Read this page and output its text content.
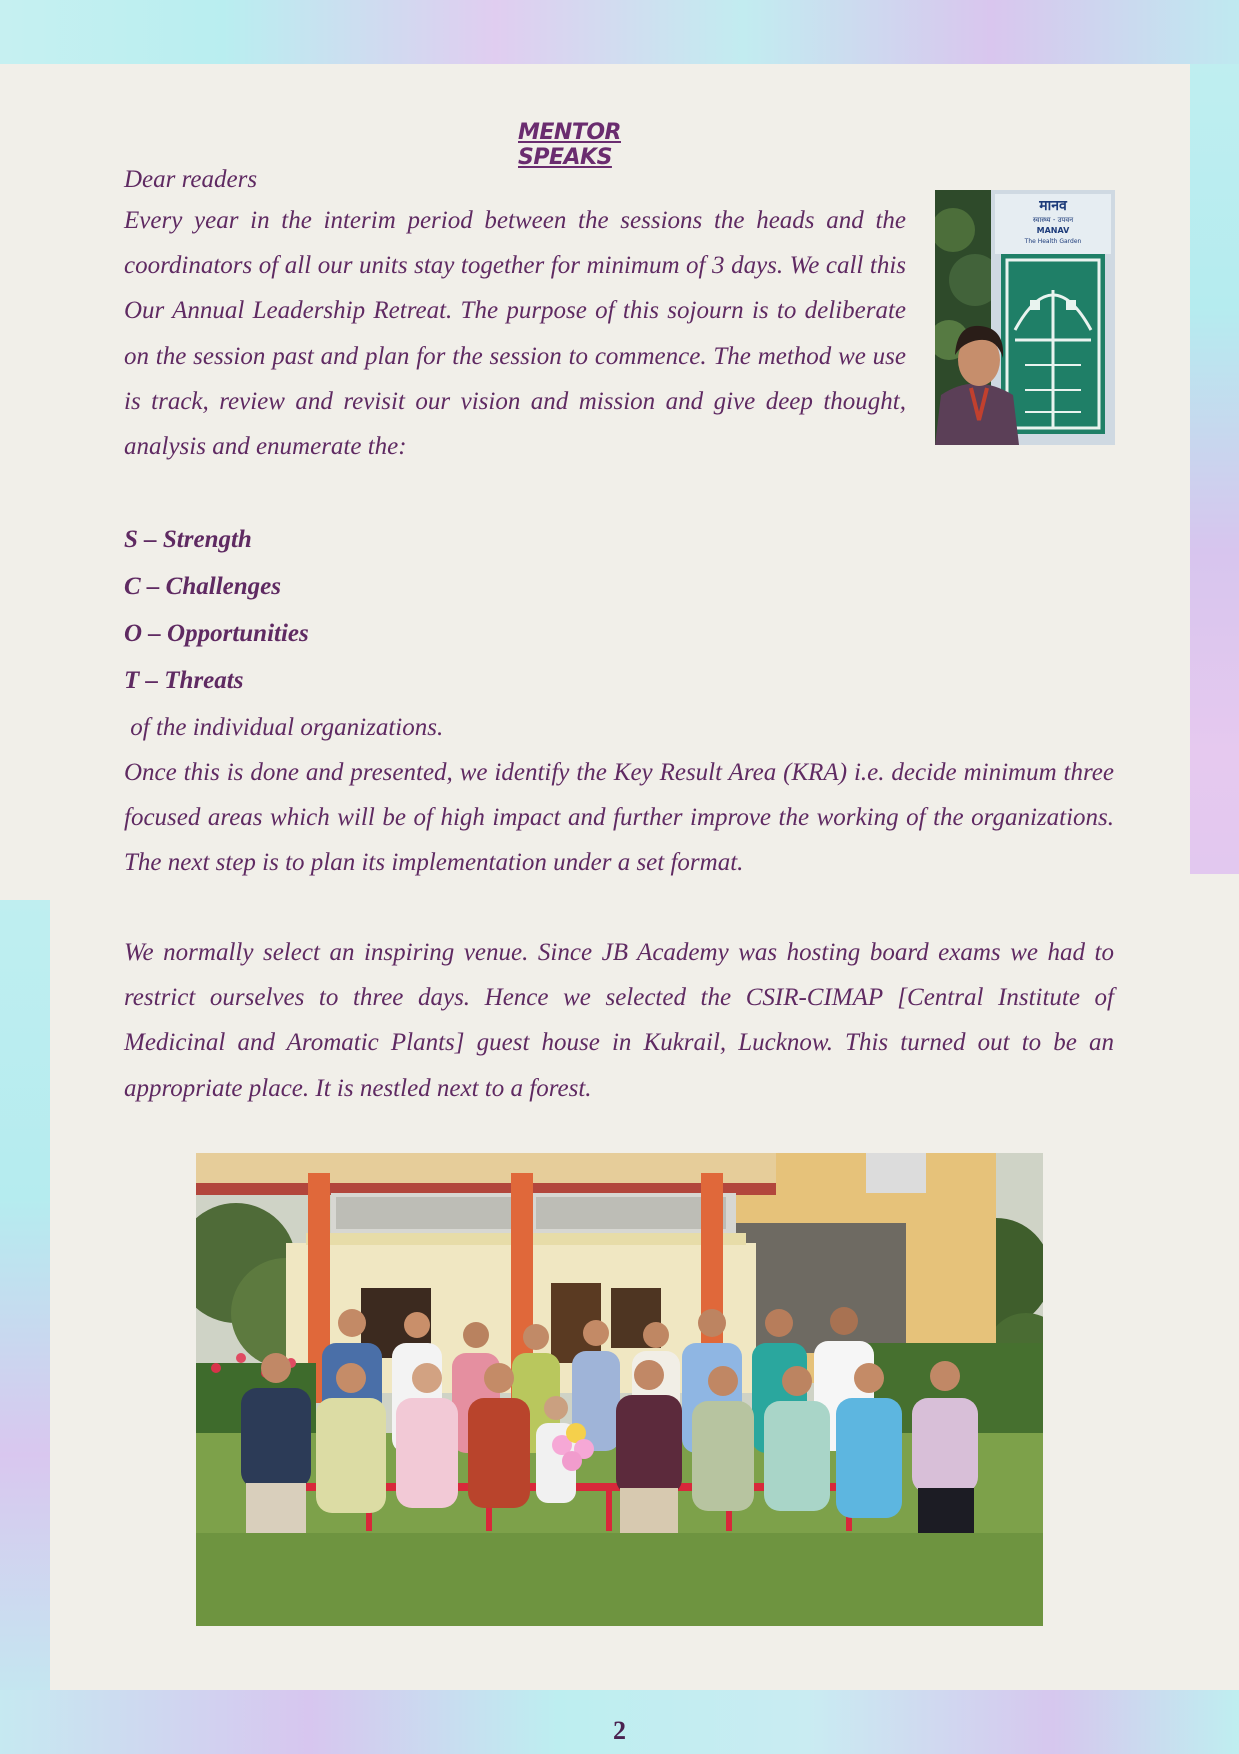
MENTOR SPEAKS
Dear readers
Every year in the interim period between the sessions the heads and the coordinators of all our units stay together for minimum of 3 days. We call this Our Annual Leadership Retreat. The purpose of this sojourn is to deliberate on the session past and plan for the session to commence. The method we use is track, review and revisit our vision and mission and give deep thought, analysis and enumerate the:
S – Strength
C – Challenges
O – Opportunities
T – Threats
of the individual organizations.
Once this is done and presented, we identify the Key Result Area (KRA) i.e. decide minimum three focused areas which will be of high impact and further improve the working of the organizations. The next step is to plan its implementation under a set format.
We normally select an inspiring venue. Since JB Academy was hosting board exams we had to restrict ourselves to three days. Hence we selected the CSIR-CIMAP [Central Institute of Medicinal and Aromatic Plants] guest house in Kukrail, Lucknow. This turned out to be an appropriate place. It is nestled next to a forest.
मानव
स्वास्थ्य - उपवन
MANAV
The Health Garden
2
